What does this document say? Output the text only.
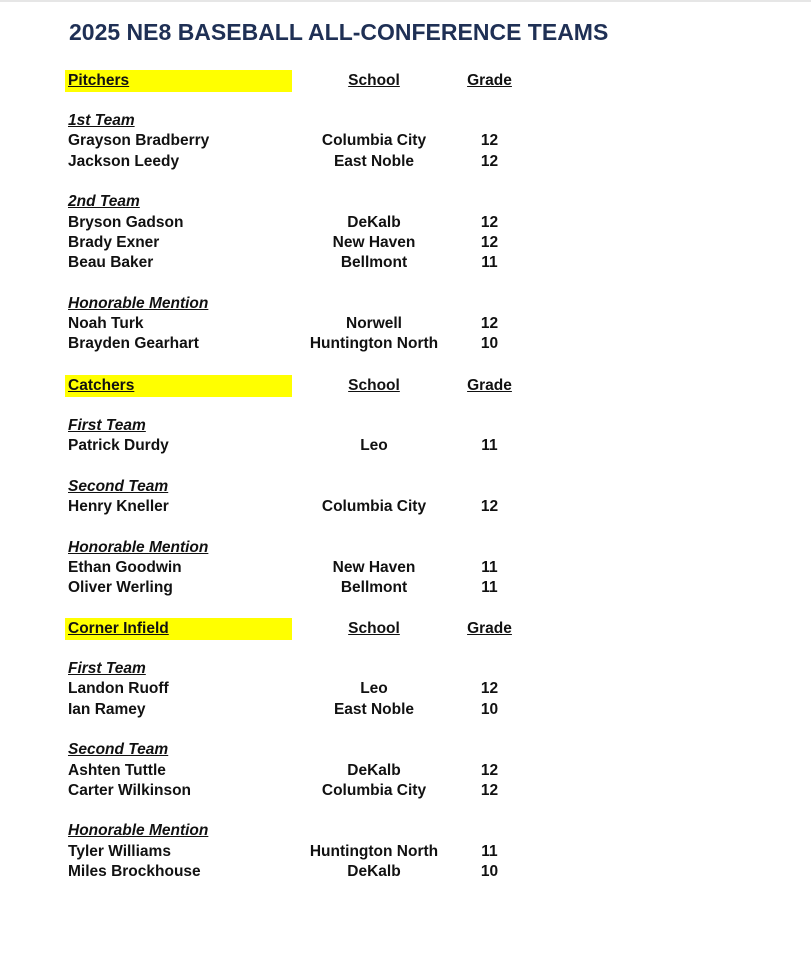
2025 NE8 BASEBALL ALL-CONFERENCE TEAMS
Pitchers	School	Grade
1st Team
Grayson Bradberry	Columbia City	12
Jackson Leedy	East Noble	12
2nd Team
Bryson Gadson	DeKalb	12
Brady Exner	New Haven	12
Beau Baker	Bellmont	11
Honorable Mention
Noah Turk	Norwell	12
Brayden Gearhart	Huntington North	10
Catchers	School	Grade
First Team
Patrick Durdy	Leo	11
Second Team
Henry Kneller	Columbia City	12
Honorable Mention
Ethan Goodwin	New Haven	11
Oliver Werling	Bellmont	11
Corner Infield	School	Grade
First Team
Landon Ruoff	Leo	12
Ian Ramey	East Noble	10
Second Team
Ashten Tuttle	DeKalb	12
Carter Wilkinson	Columbia City	12
Honorable Mention
Tyler Williams	Huntington North	11
Miles Brockhouse	DeKalb	10
